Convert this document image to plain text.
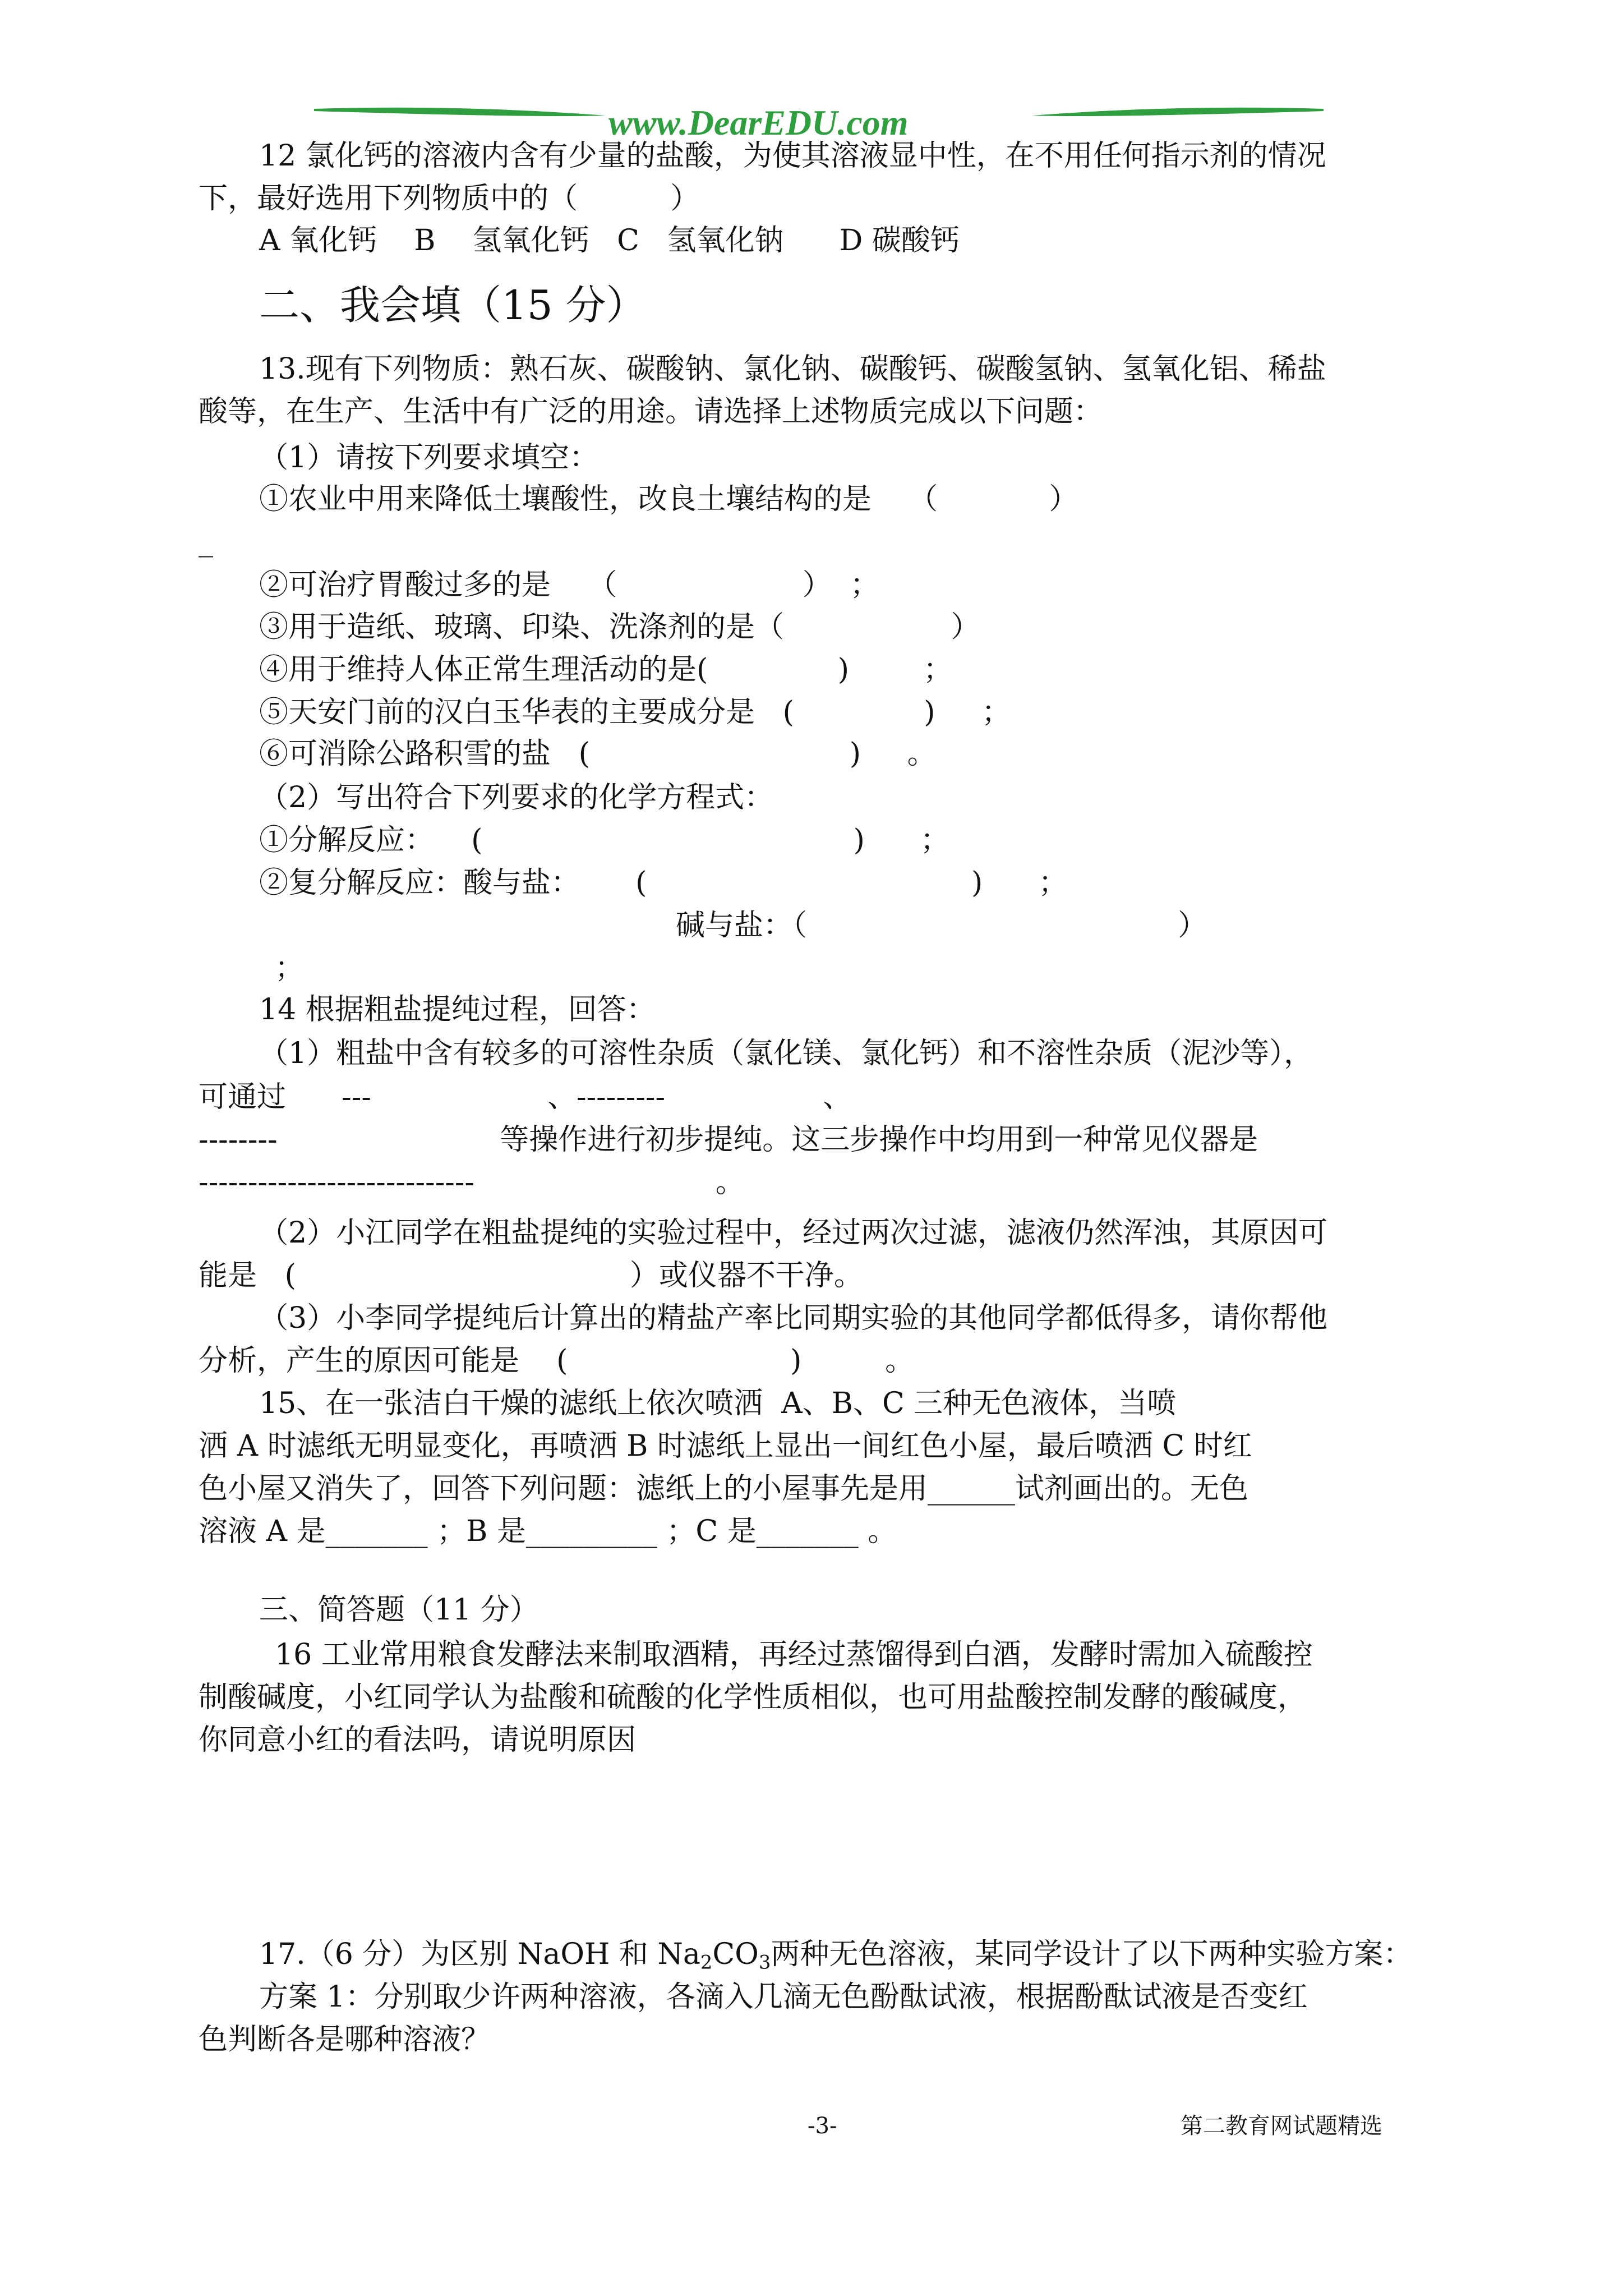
www.DearEDU.com
12 氯化钙的溶液内含有少量的盐酸，为使其溶液显中性，在不用任何指示剂的情况
下，最好选用下列物质中的（          ）
A 氧化钙    B    氢氧化钙   C   氢氧化钠      D 碳酸钙
二、我会填（15 分）
13.现有下列物质：熟石灰、碳酸钠、氯化钠、碳酸钙、碳酸氢钠、氢氧化铝、稀盐
酸等，在生产、生活中有广泛的用途。请选择上述物质完成以下问题：
（1）请按下列要求填空：
①农业中用来降低土壤酸性，改良土壤结构的是    （            ）
_
②可治疗胃酸过多的是    （                    ）  ；
③用于造纸、玻璃、印染、洗涤剂的是（                  ）
④用于维持人体正常生理活动的是(              )        ；
⑤天安门前的汉白玉华表的主要成分是   (              )     ；
⑥可消除公路积雪的盐   (                            )     。
（2）写出符合下列要求的化学方程式：
①分解反应：    (                                        )      ；
②复分解反应：酸与盐：      (                                   )      ；
碱与盐：（                                        ）
；
14 根据粗盐提纯过程，回答：
（1）粗盐中含有较多的可溶性杂质（氯化镁、氯化钙）和不溶性杂质（泥沙等），
可通过      ---                   、---------                 、
--------                        等操作进行初步提纯。这三步操作中均用到一种常见仪器是
----------------------------                          。
（2）小江同学在粗盐提纯的实验过程中，经过两次过滤，滤液仍然浑浊，其原因可
能是   (                                    ）或仪器不干净。
（3）小李同学提纯后计算出的精盐产率比同期实验的其他同学都低得多，请你帮他
分析，产生的原因可能是    (                        )         。
15、在一张洁白干燥的滤纸上依次喷洒  A、B、C 三种无色液体，当喷
洒 A 时滤纸无明显变化，再喷洒 B 时滤纸上显出一间红色小屋，最后喷洒 C 时红
色小屋又消失了，回答下列问题：滤纸上的小屋事先是用______试剂画出的。无色
溶液 A 是_______ ；B 是_________ ；C 是_______ 。
三、简答题（11 分）
16 工业常用粮食发酵法来制取酒精，再经过蒸馏得到白酒，发酵时需加入硫酸控
制酸碱度，小红同学认为盐酸和硫酸的化学性质相似，也可用盐酸控制发酵的酸碱度，
你同意小红的看法吗，请说明原因
17.（6 分）为区别 NaOH 和 $Na_2CO_3$两种无色溶液，某同学设计了以下两种实验方案：
方案 1：分别取少许两种溶液，各滴入几滴无色酚酞试液，根据酚酞试液是否变红
色判断各是哪种溶液？
-3-	第二教育网试题精选
